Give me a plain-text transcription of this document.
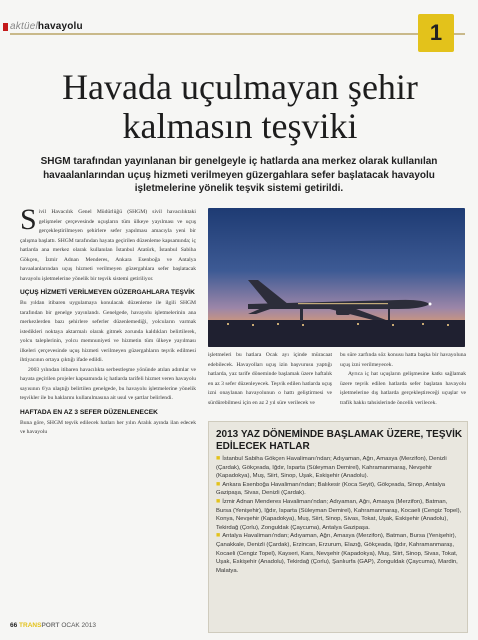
aktüelhavayolu	1
Havada uçulmayan şehir
kalmasın teşviki
SHGM tarafından yayınlanan bir genelgeyle iç hatlarda ana merkez olarak kullanılan havaalanlarından uçuş hizmeti verilmeyen güzergahlara sefer başlatacak havayolu işletmelerine yönelik teşvik sistemi getirildi.

Sivil Havacılık Genel Müdürlüğü (SHGM) sivil havacılıktaki gelişmeler çerçevesinde uçuşların tüm ülkeye yayılması ve uçuş gerçekleştirilmeyen şehirlere sefer yapılması amacıyla yeni bir çalışma başlattı. SHGM tarafından hayata geçirilen düzenleme kapsamında; iç hatlarda ana merkez olarak kullanılan İstanbul Atatürk, İstanbul Sabiha Gökçen, İzmir Adnan Menderes, Ankara Esenboğa ve Antalya havaalanlarından uçuş hizmeti verilmeyen güzergahlara sefer başlatacak havayolu işletmelerine yönelik bir teşvik sistemi getiriliyor.

UÇUŞ HİZMETİ VERİLMEYEN GÜZERGAHLARA TEŞVİK

Bu yıldan itibaren uygulamaya konulacak düzenleme ile ilgili SHGM tarafından bir genelge yayınlandı. Genelgede, havayolu işletmelerinin ana merkezlerden bazı şehirlere seferler düzenlemediği, yolcuların varmak istedikleri noktaya aktarmalı olarak gitmek zorunda kaldıkları belirtilerek, yolcu taleplerinin, yolcu memnuniyeti ve hizmetin tüm ülkeye yayılması ilkeleri çerçevesinde uçuş hizmeti verilmeyen güzergahların teşvik edilmesi ihtiyacının ortaya çıktığı ifade edildi.

2003 yılından itibaren havacılıkta serbestleşme yönünde atılan adımlar ve hayata geçirilen projeler kapsamında iç hatlarda tarifeli hizmet veren havayolu sayısının 6'ya ulaştığı belirtilen genelgede, bu havayolu işletmelerine yönelik teşvikler ile bu haklarını kullanılmasına ait usul ve şartlar belirlendi.

HAFTADA EN AZ 3 SEFER DÜZENLENECEK

Buna göre, SHGM teşvik edilecek hatları her yılın Aralık ayında ilan edecek ve havayolu

işletmeleri bu hatlara Ocak ayı içinde müracaat edebilecek. Havayolları uçuş izin başvurusu yaptığı hatlarda, yaz tarife döneminde başlamak üzere haftalık en az 3 sefer düzenleyecek. Teşvik edilen hatlarda uçuş izni onaylanan havayolunun o hattı geliştirmesi ve sürdürebilmesi için en az 2 yıl süre verilecek ve

bu süre zarfında söz konusu hatta başka bir havayoluna uçuş izni verilmeyecek.

Ayrıca iç hat uçuşların gelişmesine katkı sağlamak üzere teşvik edilen hatlarda sefer başlatan havayolu işletmelerine dış hatlarda gerçekleştireceği uçuşlar ve trafik hakkı tahsislerinde öncelik verilecek.

2013 YAZ DÖNEMİNDE BAŞLAMAK ÜZERE, TEŞVİK EDİLECEK HATLAR

■ İstanbul Sabiha Gökçen Havalimanı'ndan; Adıyaman, Ağrı, Amasya (Merzifon), Denizli (Çardak), Gökçeada, Iğdır, Isparta (Süleyman Demirel), Kahramanmaraş, Nevşehir (Kapadokya), Muş, Siirt, Sinop, Uşak, Eskişehir (Anadolu).

■ Ankara Esenboğa Havalimanı'ndan; Balıkesir (Koca Seyit), Gökçeada, Sinop, Antalya Gazipaşa, Sivas, Denizli (Çardak).

■ İzmir Adnan Menderes Havalimanı'ndan; Adıyaman, Ağrı, Amasya (Merzifon), Batman, Bursa (Yenişehir), Iğdır, Isparta (Süleyman Demirel), Kahramanmaraş, Kocaeli (Cengiz Topel), Konya, Nevşehir (Kapadokya), Muş, Siirt, Sinop, Sivas, Tokat, Uşak, Eskişehir (Anadolu), Tekirdağ (Çorlu), Zonguldak (Çaycuma), Antalya Gazipaşa.

■ Antalya Havalimanı'ndan; Adıyaman, Ağrı, Amasya (Merzifon), Batman, Bursa (Yenişehir), Çanakkale, Denizli (Çardak), Erzincan, Erzurum, Elazığ, Gökçeada, Iğdır, Kahramanmaraş, Kocaeli (Cengiz Topel), Kayseri, Kars, Nevşehir (Kapadokya), Muş, Siirt, Sinop, Sivas, Tokat, Uşak, Eskişehir (Anadolu), Tekirdağ (Çorlu), Şanlıurfa (GAP), Zonguldak (Çaycuma), Mardin, Malatya.

66 TRANSPORT OCAK 2013
